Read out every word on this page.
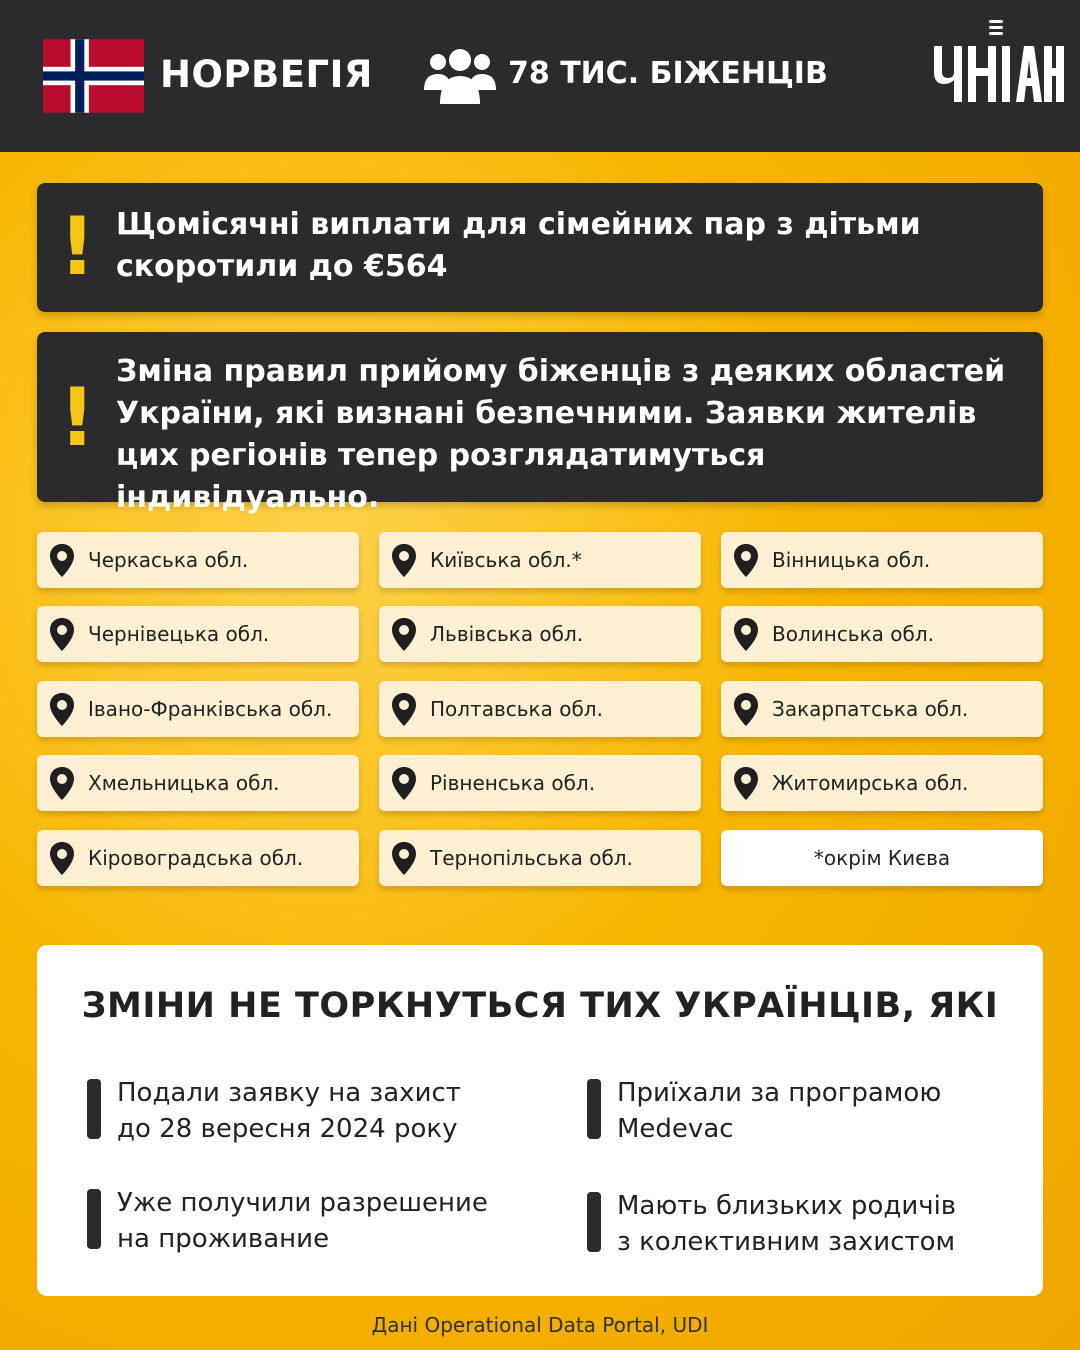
НОРВЕГІЯ	78 ТИС. БІЖЕНЦІВ
! Щомісячні виплати для сімейних пар з дітьми скоротили до €564
! Зміна правил прийому біженців з деяких областей України, які визнані безпечними. Заявки жителів цих регіонів тепер розглядатимуться індивідуально.
Черкаська обл.	Київська обл.*	Вінницька обл.
Чернівецька обл.	Львівська обл.	Волинська обл.
Івано-Франківська обл.	Полтавська обл.	Закарпатська обл.
Хмельницька обл.	Рівненська обл.	Житомирська обл.
Кіровоградська обл.	Тернопільська обл.	*окрім Києва
ЗМІНИ НЕ ТОРКНУТЬСЯ ТИХ УКРАЇНЦІВ, ЯКІ
Подали заявку на захист
до 28 вересня 2024 року
Приїхали за програмою
Medevac
Уже получили разрешение
на проживание
Мають близьких родичів
з колективним захистом
Дані Operational Data Portal, UDI
